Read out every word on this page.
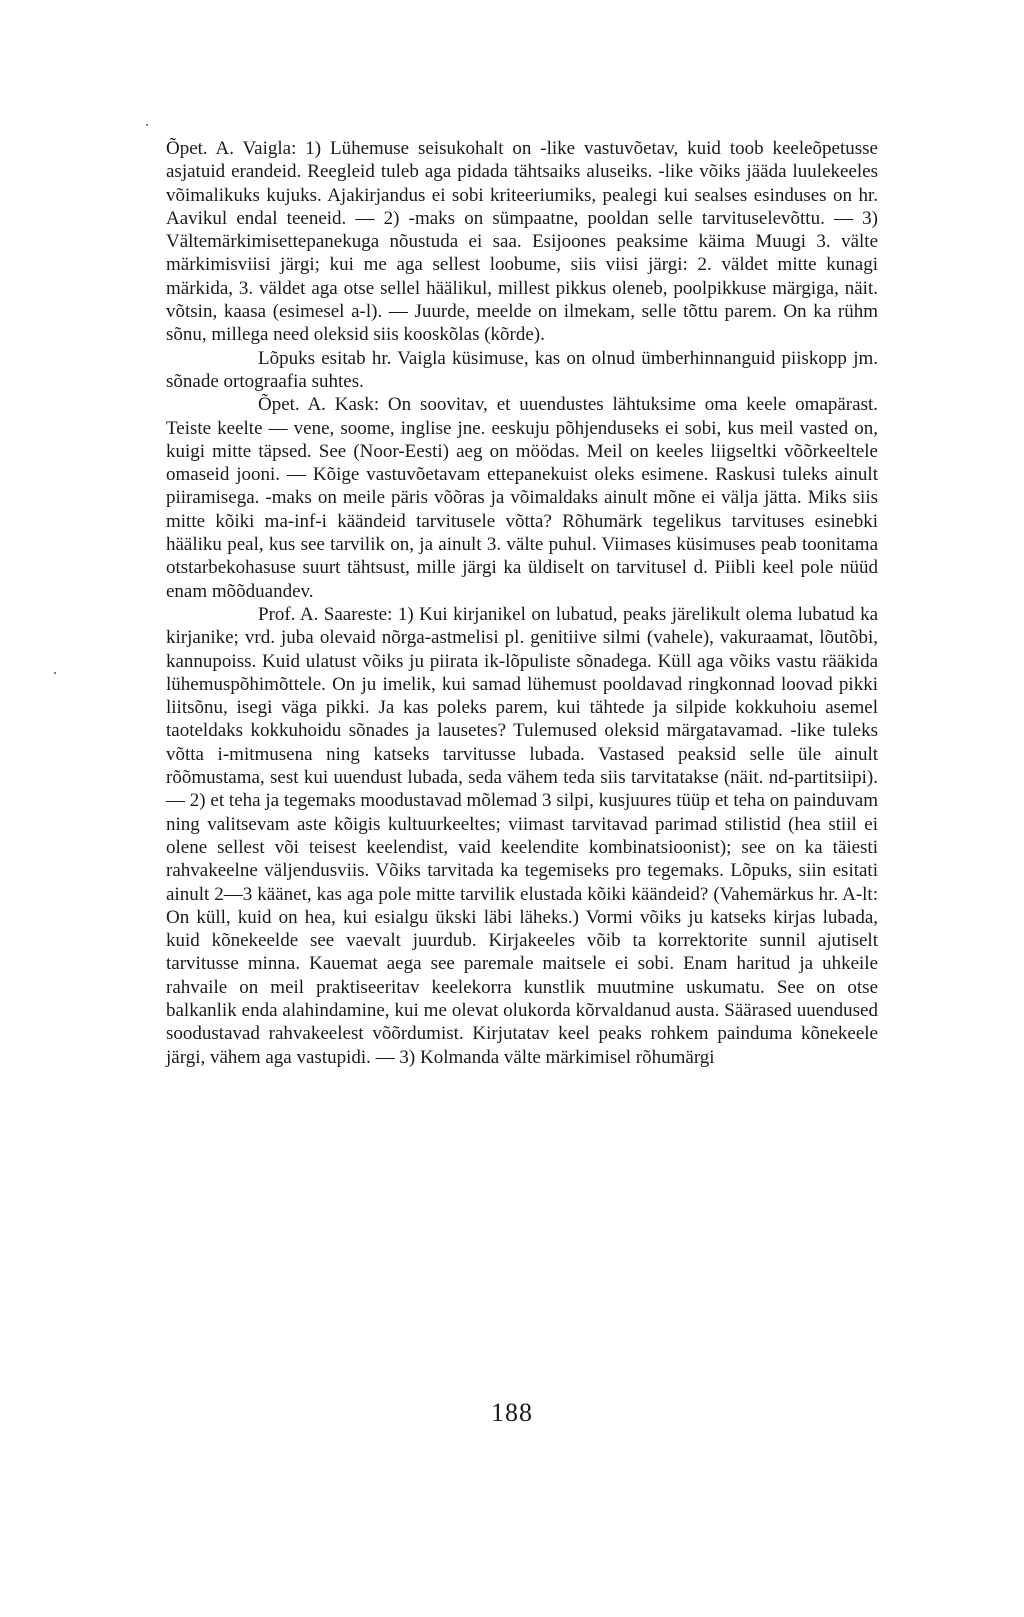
Õpet. A. Vaigla: 1) Lühemuse seisukohalt on -like vastuvõetav, kuid toob keeleõpetusse asjatuid erandeid. Reegleid tuleb aga pidada tähtsaiks aluseiks. -like võiks jääda luulekeeles võimalikuks kujuks. Ajakirjandus ei sobi kriteeriumiks, pealegi kui sealses esinduses on hr. Aavikul endal teeneid. — 2) -maks on sümpaatne, pooldan selle tarvituselevõttu. — 3) Vältemärkimisettepanekuga nõustuda ei saa. Esijoones peaksime käima Muugi 3. välte märkimisviisi järgi; kui me aga sellest loobume, siis viisi järgi: 2. väldet mitte kunagi märkida, 3. väldet aga otse sellel häälikul, millest pikkus oleneb, poolpikkuse märgiga, näit. võtsin, kaasa (esimesel a-l). — Juurde, meelde on ilmekam, selle tõttu parem. On ka rühm sõnu, millega need oleksid siis kooskõlas (kõrde).

Lõpuks esitab hr. Vaigla küsimuse, kas on olnud ümberhinnanguid piiskopp jm. sõnade ortograafia suhtes.

Õpet. A. Kask: On soovitav, et uuendustes lähtuksime oma keele omapärast. Teiste keelte — vene, soome, inglise jne. eeskuju põhjenduseks ei sobi, kus meil vasted on, kuigi mitte täpsed. See (Noor-Eesti) aeg on möödas. Meil on keeles liigseltki võõrkeeltele omaseid jooni. — Kõige vastuvõetavam ettepanekuist oleks esimene. Raskusi tuleks ainult piiramisega. -maks on meile päris võõras ja võimaldaks ainult mõne ei välja jätta. Miks siis mitte kõiki ma-inf-i käändeid tarvitusele võtta? Rõhumärk tegelikus tarvituses esinebki hääliku peal, kus see tarvilik on, ja ainult 3. välte puhul. Viimases küsimuses peab toonitama otstarbekohasuse suurt tähtsust, mille järgi ka üldiselt on tarvitusel d. Piibli keel pole nüüd enam mõõduandev.

Prof. A. Saareste: 1) Kui kirjanikel on lubatud, peaks järelikult olema lubatud ka kirjanike; vrd. juba olevaid nõrga-astmelisi pl. genitiive silmi (vahele), vakuraamat, lõutõbi, kannupoiss. Kuid ulatust võiks ju piirata ik-lõpuliste sõnadega. Küll aga võiks vastu rääkida lühemuspõhimõttele. On ju imelik, kui samad lühemust pooldavad ringkonnad loovad pikki liitsõnu, isegi väga pikki. Ja kas poleks parem, kui tähtede ja silpide kokkuhoiu asemel taoteldaks kokkuhoidu sõnades ja lausetes? Tulemused oleksid märgatavamad. -like tuleks võtta i-mitmusena ning katseks tarvitusse lubada. Vastased peaksid selle üle ainult rõõmustama, sest kui uuendust lubada, seda vähem teda siis tarvitatakse (näit. nd-partitsiipi). — 2) et teha ja tegemaks moodustavad mõlemad 3 silpi, kusjuures tüüp et teha on painduvam ning valitsevam aste kõigis kultuurkeeltes; viimast tarvitavad parimad stilistid (hea stiil ei olene sellest või teisest keelendist, vaid keelendite kombinatsioonist); see on ka täiesti rahvakeelne väljendusviis. Võiks tarvitada ka tegemiseks pro tegemaks. Lõpuks, siin esitati ainult 2—3 käänet, kas aga pole mitte tarvilik elustada kõiki käändeid? (Vahemärkus hr. A-lt: On küll, kuid on hea, kui esialgu ükski läbi läheks.) Vormi võiks ju katseks kirjas lubada, kuid kõnekeelde see vaevalt juurdub. Kirjakeeles võib ta korrektorite sunnil ajutiselt tarvitusse minna. Kauemat aega see paremale maitsele ei sobi. Enam haritud ja uhkeile rahvaile on meil praktiseeritav keelekorra kunstlik muutmine uskumatu. See on otse balkanlik enda alahindamine, kui me olevat olukorda kõrvaldanud austa. Säärased uuendused soodustavad rahvakeelest võõrdumist. Kirjutatav keel peaks rohkem painduma kõnekeele järgi, vähem aga vastupidi. — 3) Kolmanda välte märkimisel rõhumärgi

188
